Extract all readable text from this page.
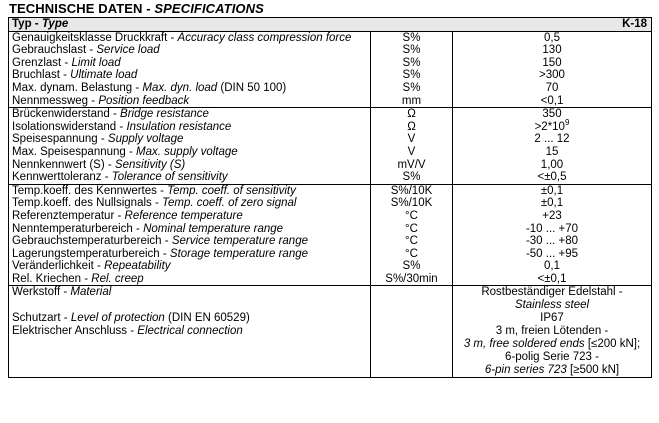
TECHNISCHE DATEN - SPECIFICATIONS
Typ - Type		K-18
Genauigkeitsklasse Druckkraft - Accuracy class compression force	S%	0,5
Gebrauchslast - Service load	S%	130
Grenzlast - Limit load	S%	150
Bruchlast - Ultimate load	S%	>300
Max. dynam. Belastung - Max. dyn. load (DIN 50 100)	S%	70
Nennmessweg - Position feedback	mm	<0,1
Brückenwiderstand - Bridge resistance	Ω	350
Isolationswiderstand - Insulation resistance	Ω	$>2*10^9$
Speisespannung - Supply voltage	V	2 ... 12
Max. Speisespannung - Max. supply voltage	V	15
Nennkennwert (S) - Sensitivity (S)	mV/V	1,00
Kennwerttoleranz - Tolerance of sensitivity	S%	<±0,5
Temp.koeff. des Kennwertes - Temp. coeff. of sensitivity	S%/10K	±0,1
Temp.koeff. des Nullsignals - Temp. coeff. of zero signal	S%/10K	±0,1
Referenztemperatur - Reference temperature	°C	+23
Nenntemperaturbereich - Nominal temperature range	°C	-10 ... +70
Gebrauchstemperaturbereich - Service temperature range	°C	-30 ... +80
Lagerungstemperaturbereich - Storage temperature range	°C	-50 ... +95
Veränderlichkeit - Repeatability	S%	0,1
Rel. Kriechen - Rel. creep	S%/30min	<±0,1
Werkstoff - Material		Rostbeständiger Edelstahl -
		Stainless steel
Schutzart - Level of protection (DIN EN 60529)		IP67
Elektrischer Anschluss - Electrical connection		3 m, freien Lötenden -
		3 m, free soldered ends [≤200 kN];
		6-polig Serie 723 -
		6-pin series 723 [≥500 kN]
